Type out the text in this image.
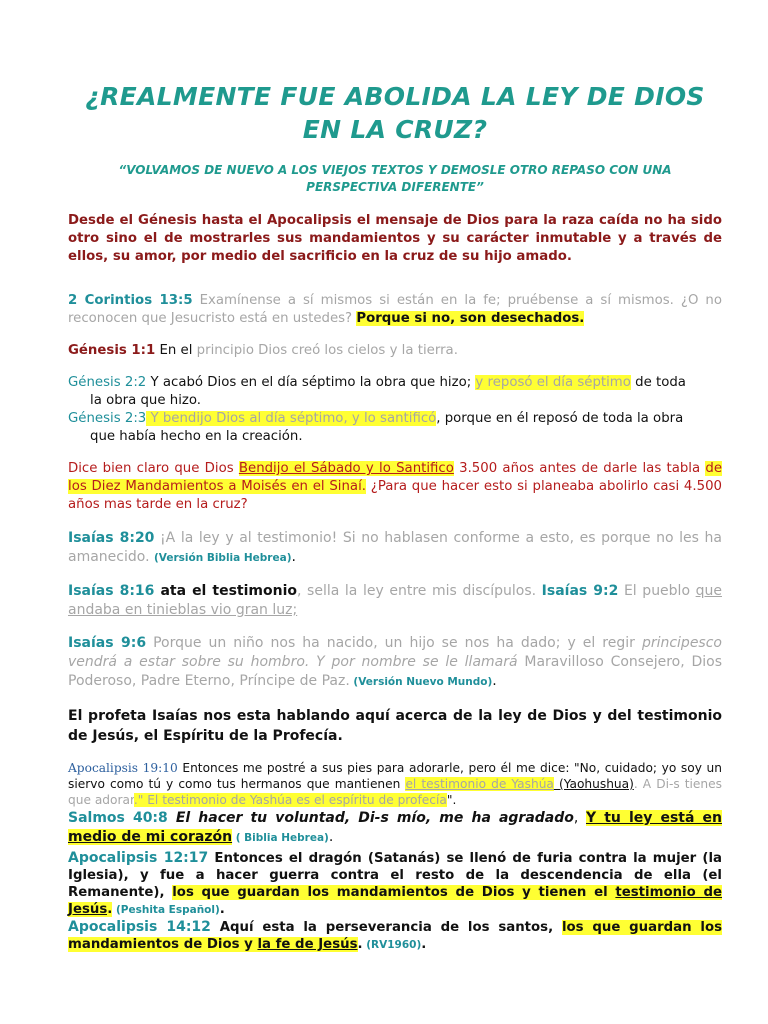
¿REALMENTE FUE ABOLIDA LA LEY DE DIOS
EN LA CRUZ?
“VOLVAMOS DE NUEVO A LOS VIEJOS TEXTOS Y DEMOSLE OTRO REPASO CON UNA PERSPECTIVA DIFERENTE”

Desde el Génesis hasta el Apocalipsis el mensaje de Dios para la raza caída no ha sido otro sino el de mostrarles sus mandamientos y su carácter inmutable y a través de ellos, su amor, por medio del sacrificio en la cruz de su hijo amado.

2 Corintios 13:5 Examínense a sí mismos si están en la fe; pruébense a sí mismos. ¿O no reconocen que Jesucristo está en ustedes? Porque si no, son desechados.

Génesis 1:1 En el principio Dios creó los cielos y la tierra.

Génesis 2:2 Y acabó Dios en el día séptimo la obra que hizo; y reposó el día séptimo de toda
la obra que hizo.

Génesis 2:3 Y bendijo Dios al día séptimo, y lo santificó, porque en él reposó de toda la obra
que había hecho en la creación.

Dice bien claro que Dios Bendijo el Sábado y lo Santifico 3.500 años antes de darle las tabla de los Diez Mandamientos a Moisés en el Sinaí. ¿Para que hacer esto si planeaba abolirlo casi 4.500 años mas tarde en la cruz?

Isaías 8:20 ¡A la ley y al testimonio! Si no hablasen conforme a esto, es porque no les ha amanecido. (Versión Biblia Hebrea).

Isaías 8:16 ata el testimonio, sella la ley entre mis discípulos. Isaías 9:2 El pueblo que andaba en tinieblas vio gran luz;

Isaías 9:6 Porque un niño nos ha nacido, un hijo se nos ha dado; y el regir principesco vendrá a estar sobre su hombro. Y por nombre se le llamará Maravilloso Consejero, Dios Poderoso, Padre Eterno, Príncipe de Paz. (Versión Nuevo Mundo).

El profeta Isaías nos esta hablando aquí acerca de la ley de Dios y del testimonio de Jesús, el Espíritu de la Profecía.

Apocalipsis 19:10 Entonces me postré a sus pies para adorarle, pero él me dice: "No, cuidado; yo soy un siervo como tú y como tus hermanos que mantienen el testimonio de Yashúa (Yaohushua). A Di-s tienes que adorar." El testimonio de Yashúa es el espíritu de profecía".

Salmos 40:8 El hacer tu voluntad, Di-s mío, me ha agradado, Y tu ley está en medio de mi corazón ( Biblia Hebrea).

Apocalipsis 12:17 Entonces el dragón (Satanás) se llenó de furia contra la mujer (la Iglesia), y fue a hacer guerra contra el resto de la descendencia de ella (el Remanente), los que guardan los mandamientos de Dios y tienen el testimonio de Jesús. (Peshita Español).

Apocalipsis 14:12 Aquí esta la perseverancia de los santos, los que guardan los mandamientos de Dios y la fe de Jesús. (RV1960).
